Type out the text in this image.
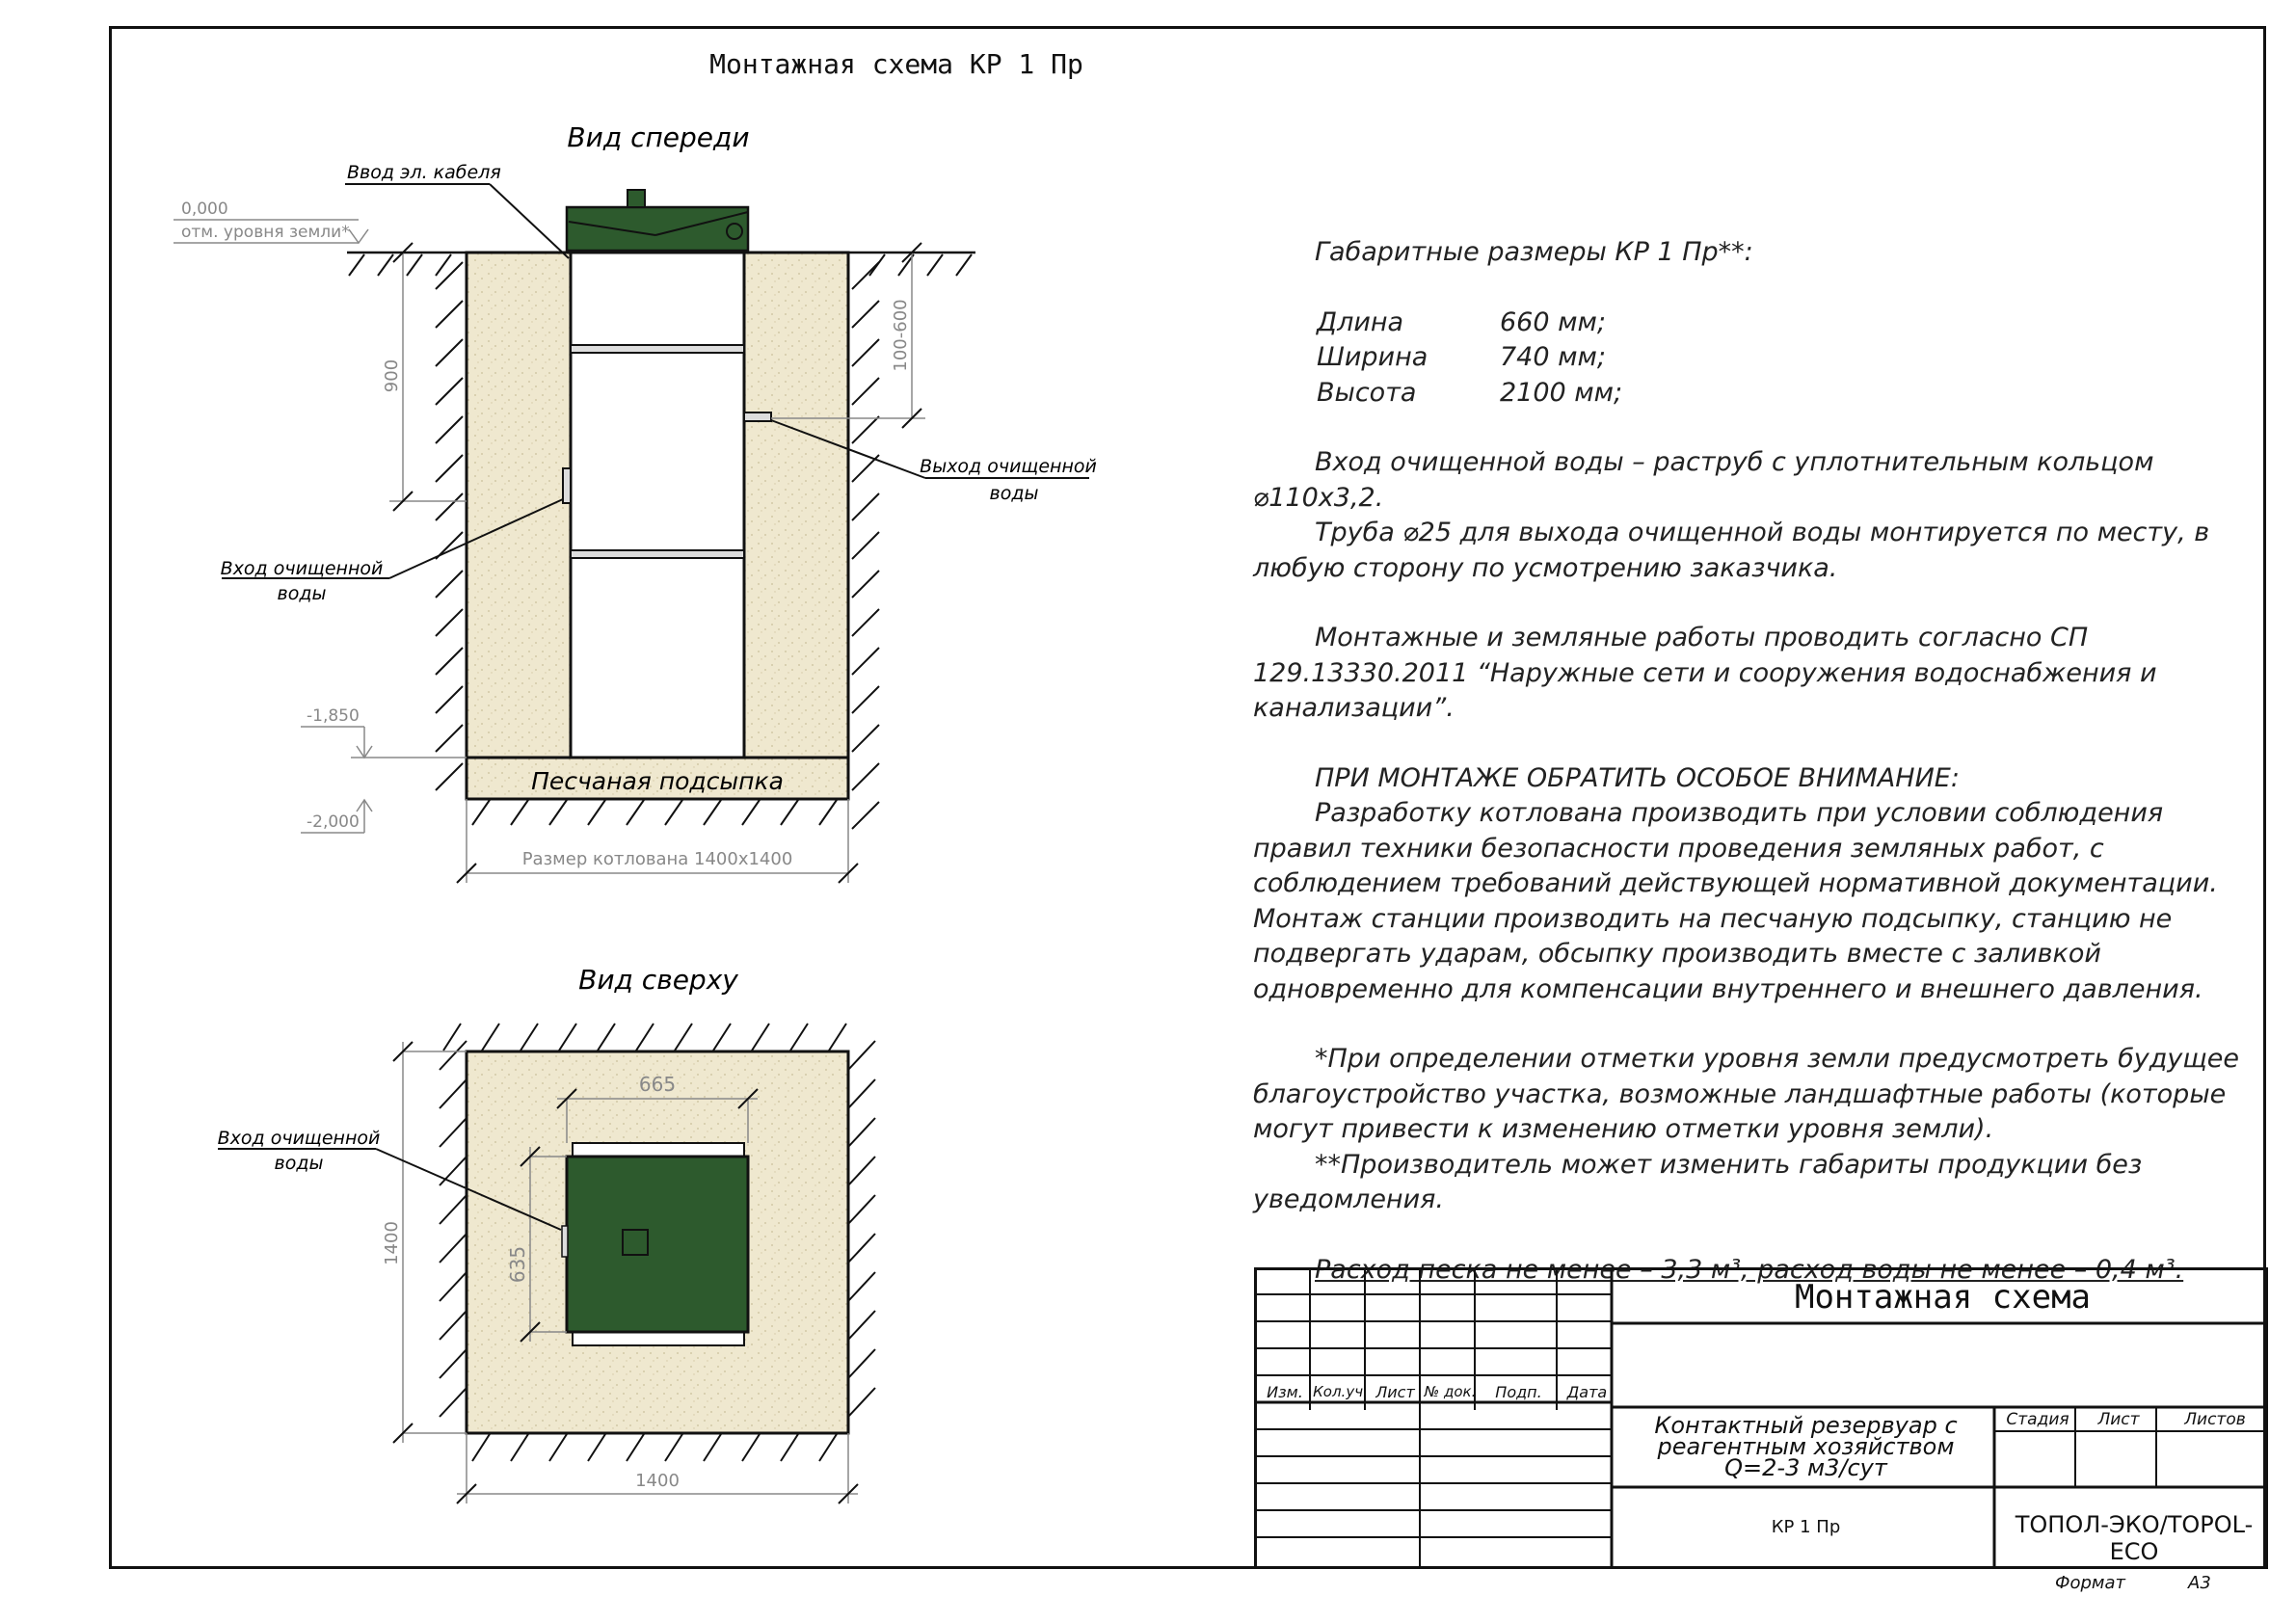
Монтажная схема КР 1 Пр
Вид спереди
Песчаная подсыпка
Ввод эл. кабеля
0,000
отм. уровня земли*
900
100-600
Выход очищенной
воды
Вход очищенной
воды
-1,850
-2,000
Размер котлована 1400х1400
Вид сверху
665
635
1400
1400
Вход очищенной
воды

Габаритные размеры КР 1 Пр**:

Длина	660 мм;
Ширина	740 мм;
Высота	2100 мм;

Вход очищенной воды – раструб с уплотнительным кольцом

⌀110х3,2.

Труба ⌀25 для выхода очищенной воды монтируется по месту, в любую сторону по усмотрению заказчика.

Монтажные и земляные работы проводить согласно СП 129.13330.2011 “Наружные сети и сооружения водоснабжения и канализации”.

ПРИ МОНТАЖЕ ОБРАТИТЬ ОСОБОЕ ВНИМАНИЕ:

Разработку котлована производить при условии соблюдения правил техники безопасности проведения земляных работ, с соблюдением требований действующей нормативной документации. Монтаж станции производить на песчаную подсыпку, станцию не подвергать ударам, обсыпку производить вместе с заливкой одновременно для компенсации внутреннего и внешнего давления.

*При определении отметки уровня земли предусмотреть будущее благоустройство участка, возможные ландшафтные работы (которые могут привести к изменению отметки уровня земли).

**Производитель может изменить габариты продукции без уведомления.

Расход песка не менее – 3,3 м³, расход воды не менее – 0,4 м³.

Монтажная схема
Изм. Кол.уч. Лист № док.	Подп.	Дата
Контактный резервуар с
реагентным хозяйством
Q=2-3 м3/сут
Стадия	Лист	Листов
КР 1 Пр	ТОПОЛ-ЭКО/TOPOL-ECO
Формат	А3
